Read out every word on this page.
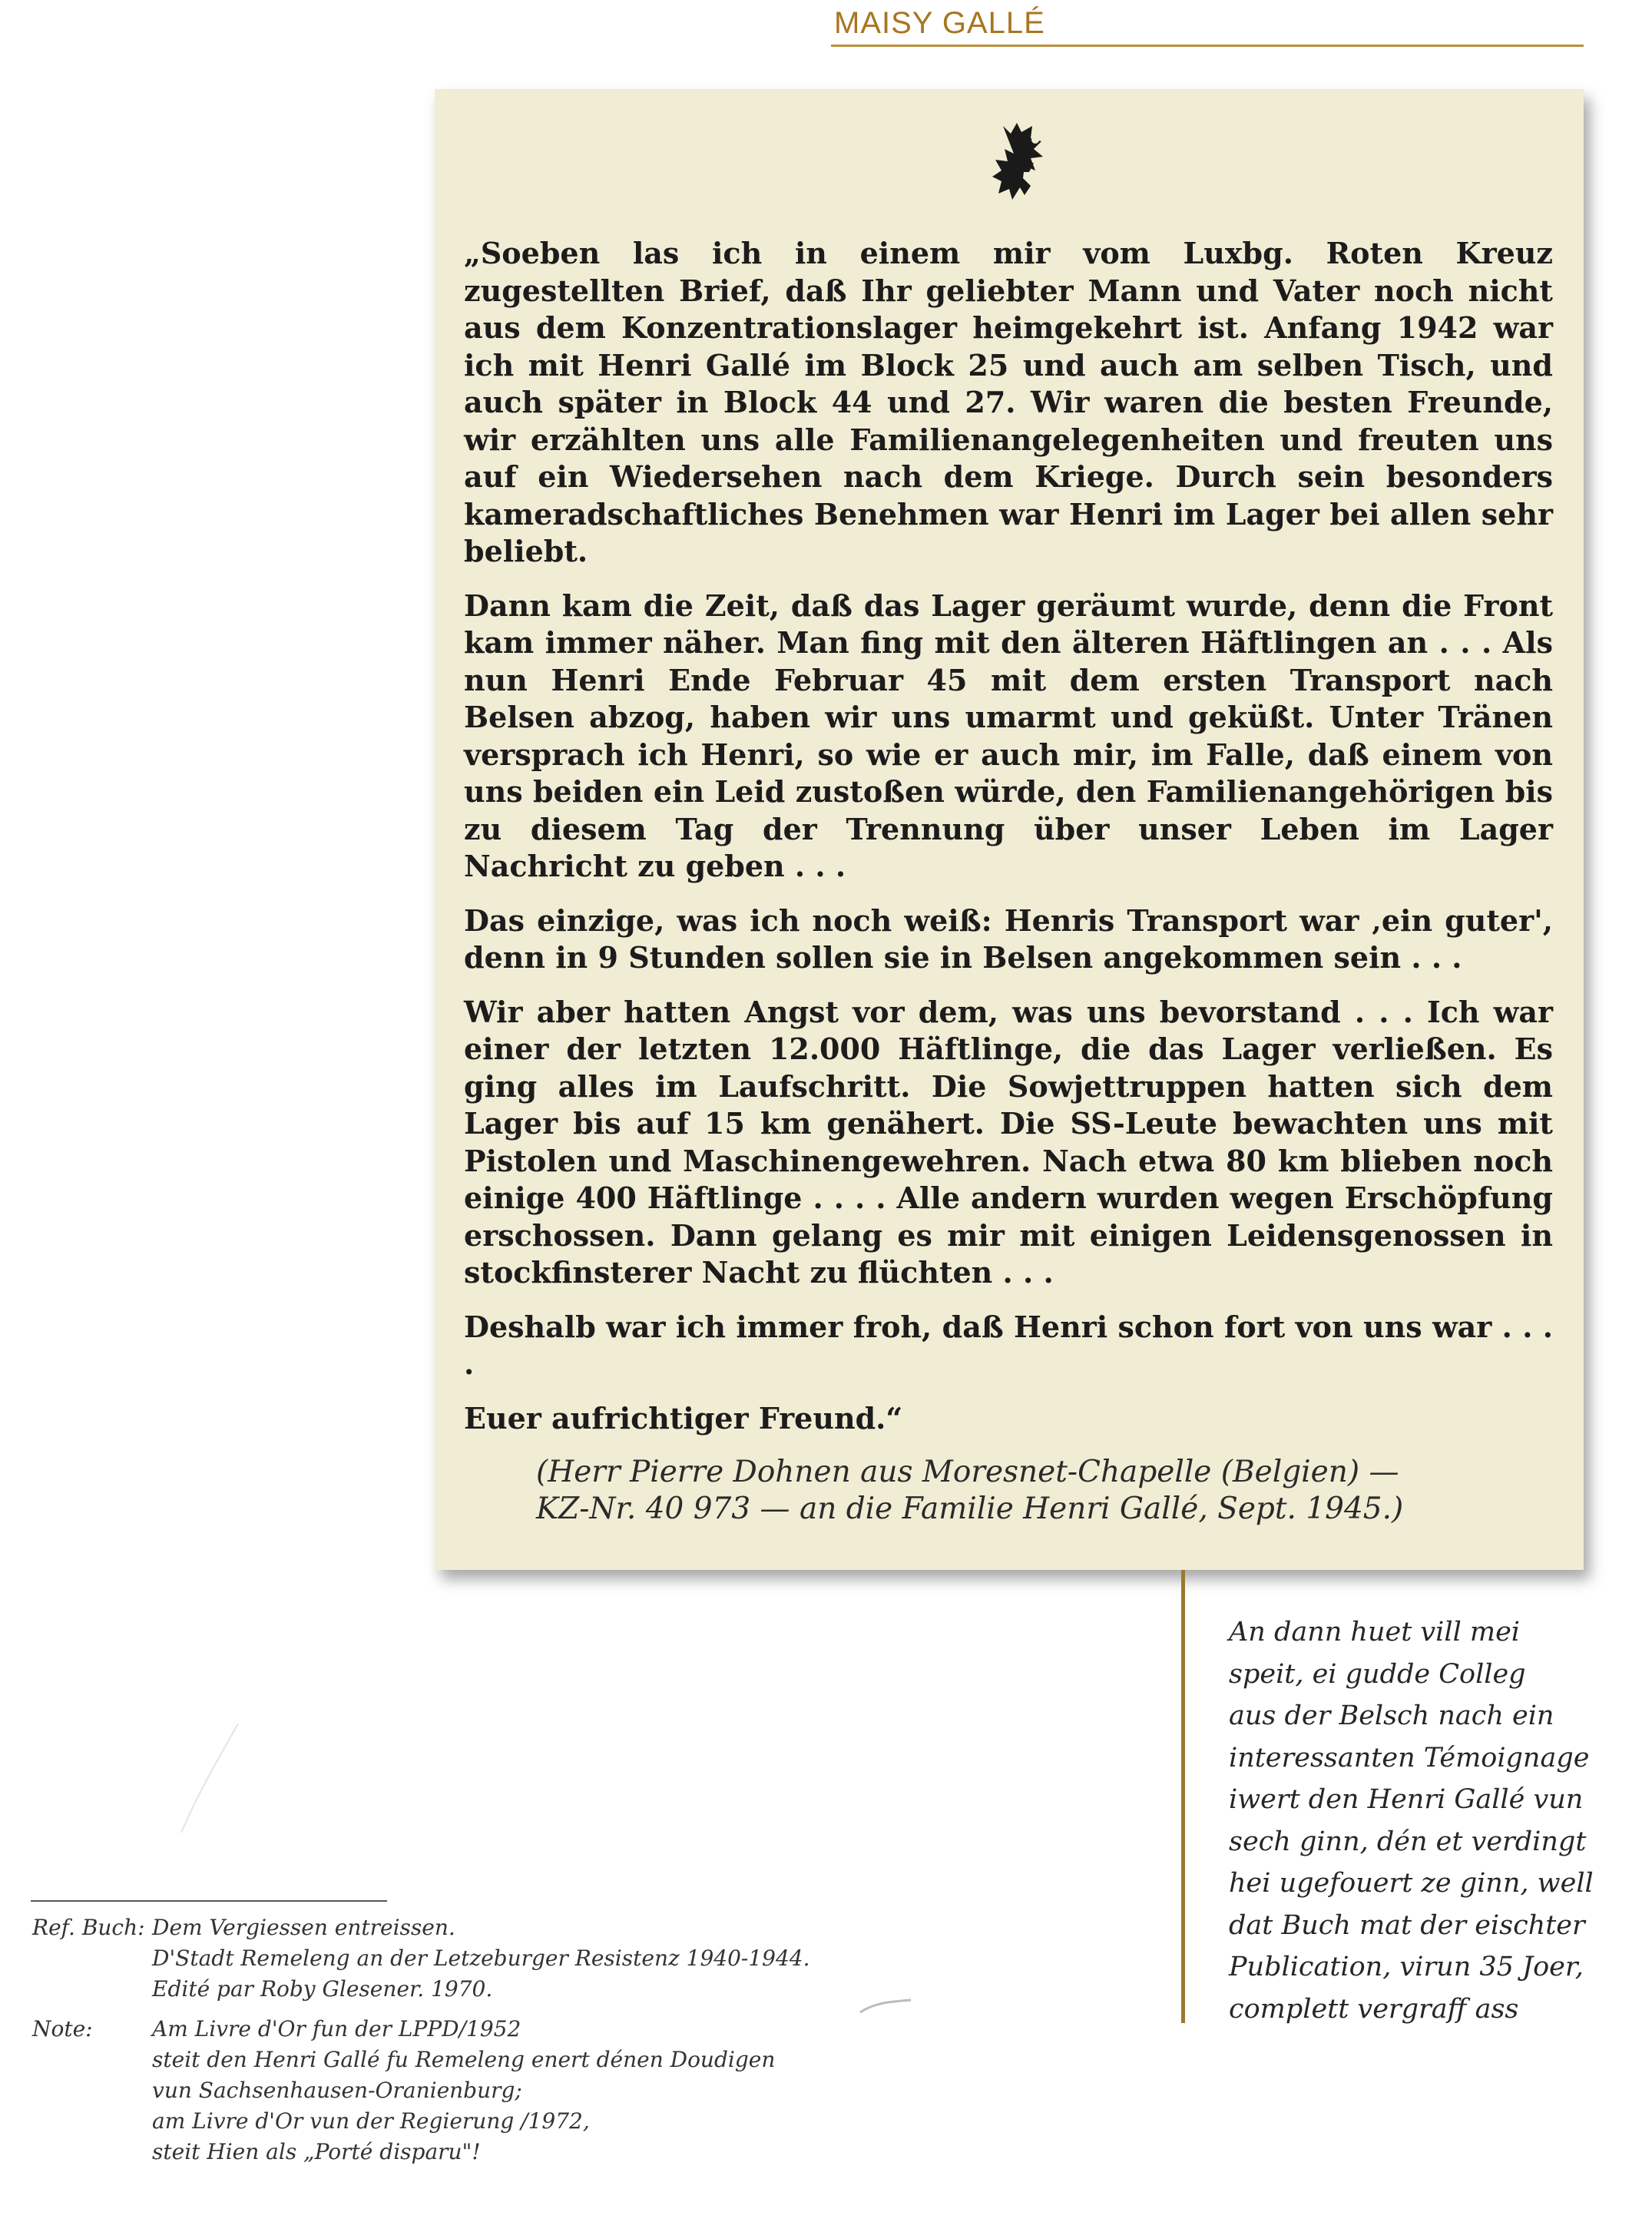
MAISY GALLÉ

„Soeben las ich in einem mir vom Luxbg. Roten Kreuz zugestellten Brief, daß Ihr geliebter Mann und Vater noch nicht aus dem Konzentrationslager heimgekehrt ist. Anfang 1942 war ich mit Henri Gallé im Block 25 und auch am selben Tisch, und auch später in Block 44 und 27. Wir waren die besten Freunde, wir erzählten uns alle Familienangelegenheiten und freuten uns auf ein Wiedersehen nach dem Kriege. Durch sein besonders kameradschaftliches Benehmen war Henri im Lager bei allen sehr beliebt.

Dann kam die Zeit, daß das Lager geräumt wurde, denn die Front kam immer näher. Man fing mit den älteren Häftlingen an . . . Als nun Henri Ende Februar 45 mit dem ersten Transport nach Belsen abzog, haben wir uns umarmt und geküßt. Unter Tränen versprach ich Henri, so wie er auch mir, im Falle, daß einem von uns beiden ein Leid zustoßen würde, den Familienangehörigen bis zu diesem Tag der Trennung über unser Leben im Lager Nachricht zu geben . . .

Das einzige, was ich noch weiß: Henris Transport war ‚ein guter', denn in 9 Stunden sollen sie in Belsen angekommen sein . . .

Wir aber hatten Angst vor dem, was uns bevorstand . . . Ich war einer der letzten 12.000 Häftlinge, die das Lager verließen. Es ging alles im Laufschritt. Die Sowjettruppen hatten sich dem Lager bis auf 15 km genähert. Die SS-Leute bewachten uns mit Pistolen und Maschinengewehren. Nach etwa 80 km blieben noch einige 400 Häftlinge . . . . Alle andern wurden wegen Erschöpfung erschossen. Dann gelang es mir mit einigen Leidensgenossen in stockfinsterer Nacht zu flüchten . . .

Deshalb war ich immer froh, daß Henri schon fort von uns war . . . .

Euer aufrichtiger Freund.“

(Herr Pierre Dohnen aus Moresnet-Chapelle (Belgien) —
KZ-Nr. 40 973 — an die Familie Henri Gallé, Sept. 1945.)
An dann huet vill mei
speit, ei gudde Colleg
aus der Belsch nach ein
interessanten Témoignage
iwert den Henri Gallé vun
sech ginn, dén et verdingt
hei ugefouert ze ginn, well
dat Buch mat der eischter
Publication, virun 35 Joer,
complett vergraff ass
Ref. Buch: Dem Vergiessen entreissen.
D'Stadt Remeleng an der Letzeburger Resistenz 1940-1944.
Edité par Roby Glesener. 1970.
Note:	Am Livre d'Or fun der LPPD/1952
steit den Henri Gallé fu Remeleng enert dénen Doudigen
vun Sachsenhausen-Oranienburg;
am Livre d'Or vun der Regierung /1972,
steit Hien als „Porté disparu"!
